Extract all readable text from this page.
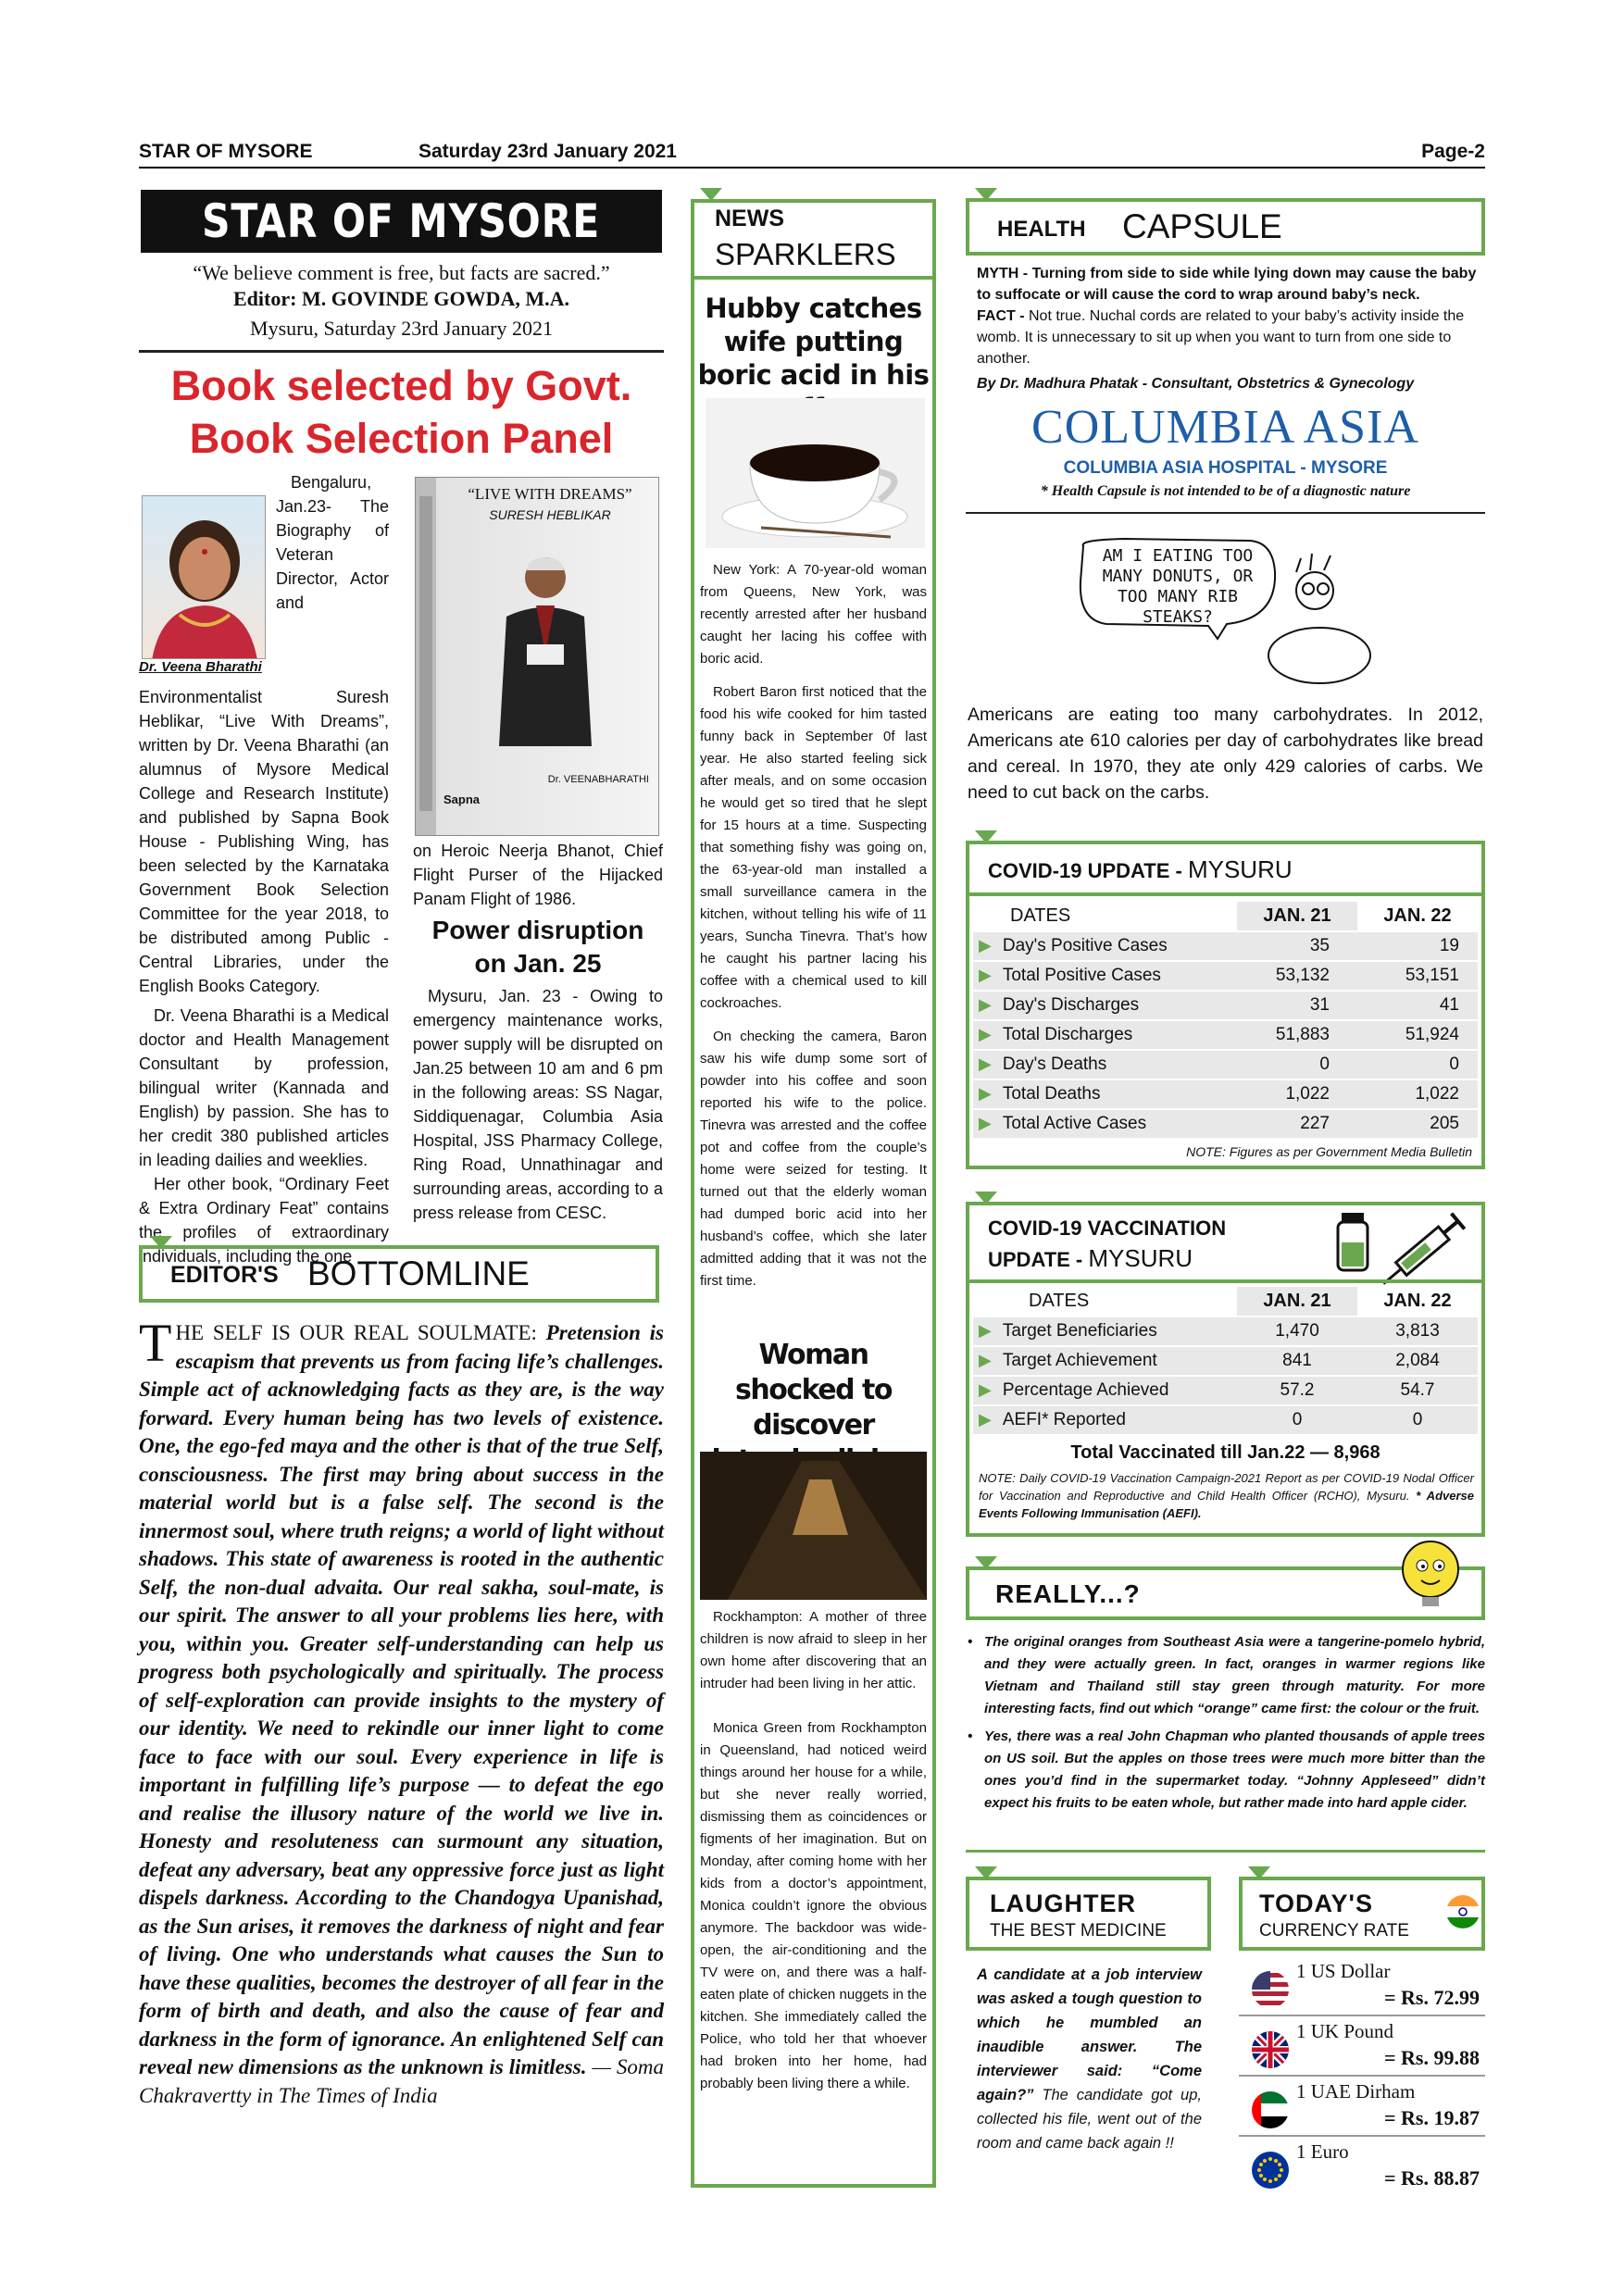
STAR OF MYSORE	Saturday 23rd January 2021	Page-2
STAR OF MYSORE
“We believe comment is free, but facts are sacred.”
Editor: M. GOVINDE GOWDA, M.A.
Mysuru, Saturday 23rd January 2021
Book selected by Govt. Book Selection Panel
Dr. Veena Bharathi

Bengaluru, Jan.23- The Biography of Veteran Director, Actor and Environmentalist Suresh Heblikar, “Live With Dreams”, written by Dr. Veena Bharathi (an alumnus of Mysore Medical College and Research Institute) and published by Sapna Book House - Publishing Wing, has been selected by the Karnataka Government Book Selection Committee for the year 2018, to be distributed among Public - Central Libraries, under the English Books Category.

Dr. Veena Bharathi is a Medical doctor and Health Management Consultant by profession, bilingual writer (Kannada and English) by passion. She has to her credit 380 published articles in leading dailies and weeklies.

Her other book, “Ordinary Feet & Extra Ordinary Feat” contains the profiles of extraordinary individuals, including the one

“LIVE WITH DREAMS”
SURESH HEBLIKAR
Sapna
Dr. VEENABHARATHI
on Heroic Neerja Bhanot, Chief Flight Purser of the Hijacked Panam Flight of 1986.
Power disruption on Jan. 25
Mysuru, Jan. 23 - Owing to emergency maintenance works, power supply will be disrupted on Jan.25 between 10 am and 6 pm in the following areas: SS Nagar, Siddiquenagar, Columbia Asia Hospital, JSS Pharmacy College, Ring Road, Unnathinagar and surrounding areas, according to a press release from CESC.
EDITOR'S BOTTOMLINE
THE SELF IS OUR REAL SOULMATE: Pretension is escapism that prevents us from facing life’s challenges. Simple act of acknowledging facts as they are, is the way forward. Every human being has two levels of existence. One, the ego-fed maya and the other is that of the true Self, consciousness. The first may bring about success in the material world but is a false self. The second is the innermost soul, where truth reigns; a world of light without shadows. This state of awareness is rooted in the authentic Self, the non-dual advaita. Our real sakha, soul-mate, is our spirit. The answer to all your problems lies here, with you, within you. Greater self-understanding can help us progress both psychologically and spiritually. The process of self-exploration can provide insights to the mystery of our identity. We need to rekindle our inner light to come face to face with our soul. Every experience in life is important in fulfilling life’s purpose — to defeat the ego and realise the illusory nature of the world we live in. Honesty and resoluteness can surmount any situation, defeat any adversary, beat any oppressive force just as light dispels darkness. According to the Chandogya Upanishad, as the Sun arises, it removes the darkness of night and fear of living. One who understands what causes the Sun to have these qualities, becomes the destroyer of all fear in the form of birth and death, and also the cause of fear and darkness in the form of ignorance. An enlightened Self can reveal new dimensions as the unknown is limitless. — Soma Chakravertty in The Times of India
NEWS
SPARKLERS
Hubby catches wife putting boric acid in his

New York: A 70-year-old woman from Queens, New York, was recently arrested after her husband caught her lacing his coffee with boric acid.

Robert Baron first noticed that the food his wife cooked for him tasted funny back in September 0f last year. He also started feeling sick after meals, and on some occasion he would get so tired that he slept for 15 hours at a time. Suspecting that something fishy was going on, the 63-year-old man installed a small surveillance camera in the kitchen, without telling his wife of 11 years, Suncha Tinevra. That’s how he caught his partner lacing his coffee with a chemical used to kill cockroaches.

On checking the camera, Baron saw his wife dump some sort of powder into his coffee and soon reported his wife to the police. Tinevra was arrested and the coffee pot and coffee from the couple’s home were seized for testing. It turned out that the elderly woman had dumped boric acid into her husband’s coffee, which she later admitted adding that it was not the first time.

Woman shocked to discover

Rockhampton: A mother of three children is now afraid to sleep in her own home after discovering that an intruder had been living in her attic.

Monica Green from Rockhampton in Queensland, had noticed weird things around her house for a while, but she never really worried, dismissing them as coincidences or figments of her imagination. But on Monday, after coming home with her kids from a doctor’s appointment, Monica couldn’t ignore the obvious anymore. The backdoor was wide-open, the air-conditioning and the TV were on, and there was a half-eaten plate of chicken nuggets in the kitchen. She immediately called the Police, who told her that whoever had broken into her home, had probably been living there a while.

HEALTH CAPSULE
MYTH - Turning from side to side while lying down may cause the baby to suffocate or will cause the cord to wrap around baby’s neck.
FACT - Not true. Nuchal cords are related to your baby’s activity inside the womb. It is unnecessary to sit up when you want to turn from one side to another.
By Dr. Madhura Phatak - Consultant, Obstetrics & Gynecology
COLUMBIA ASIA
COLUMBIA ASIA HOSPITAL - MYSORE
* Health Capsule is not intended to be of a diagnostic nature
AM I EATING TOO MANY DONUTS, OR TOO MANY RIB STEAKS?
Americans are eating too many carbohydrates. In 2012, Americans ate 610 calories per day of carbohydrates like bread and cereal. In 1970, they ate only 429 calories of carbs. We need to cut back on the carbs.
COVID-19 UPDATE - MYSURU
DATES	JAN. 21	JAN. 22
▶ Day's Positive Cases	35	19
▶ Total Positive Cases	53,132	53,151
▶ Day's Discharges	31	41
▶ Total Discharges	51,883	51,924
▶ Day's Deaths	0	0
▶ Total Deaths	1,022	1,022
▶ Total Active Cases	227	205
NOTE: Figures as per Government Media Bulletin
COVID-19 VACCINATION
UPDATE - MYSURU
DATES	JAN. 21	JAN. 22
▶ Target Beneficiaries	1,470	3,813
▶ Target Achievement	841	2,084
▶ Percentage Achieved	57.2	54.7
▶ AEFI* Reported	0	0
Total Vaccinated till Jan.22 — 8,968
NOTE: Daily COVID-19 Vaccination Campaign-2021 Report as per COVID-19 Nodal Officer for Vaccination and Reproductive and Child Health Officer (RCHO), Mysuru. * Adverse Events Following Immunisation (AEFI).
REALLY...?
• The original oranges from Southeast Asia were a tangerine-pomelo hybrid, and they were actually green. In fact, oranges in warmer regions like Vietnam and Thailand still stay green through maturity. For more interesting facts, find out which “orange” came first: the colour or the fruit.
• Yes, there was a real John Chapman who planted thousands of apple trees on US soil. But the apples on those trees were much more bitter than the ones you’d find in the supermarket today. “Johnny Appleseed” didn’t expect his fruits to be eaten whole, but rather made into hard apple cider.
LAUGHTER
THE BEST MEDICINE
A candidate at a job interview was asked a tough question to which he mumbled an inaudible answer. The interviewer said: “Come again?” The candidate got up, collected his file, went out of the room and came back again !!
TODAY'S
CURRENCY RATE
1 US Dollar
= Rs. 72.99
1 UK Pound
= Rs. 99.88
1 UAE Dirham
= Rs. 19.87
1 Euro
= Rs. 88.87
